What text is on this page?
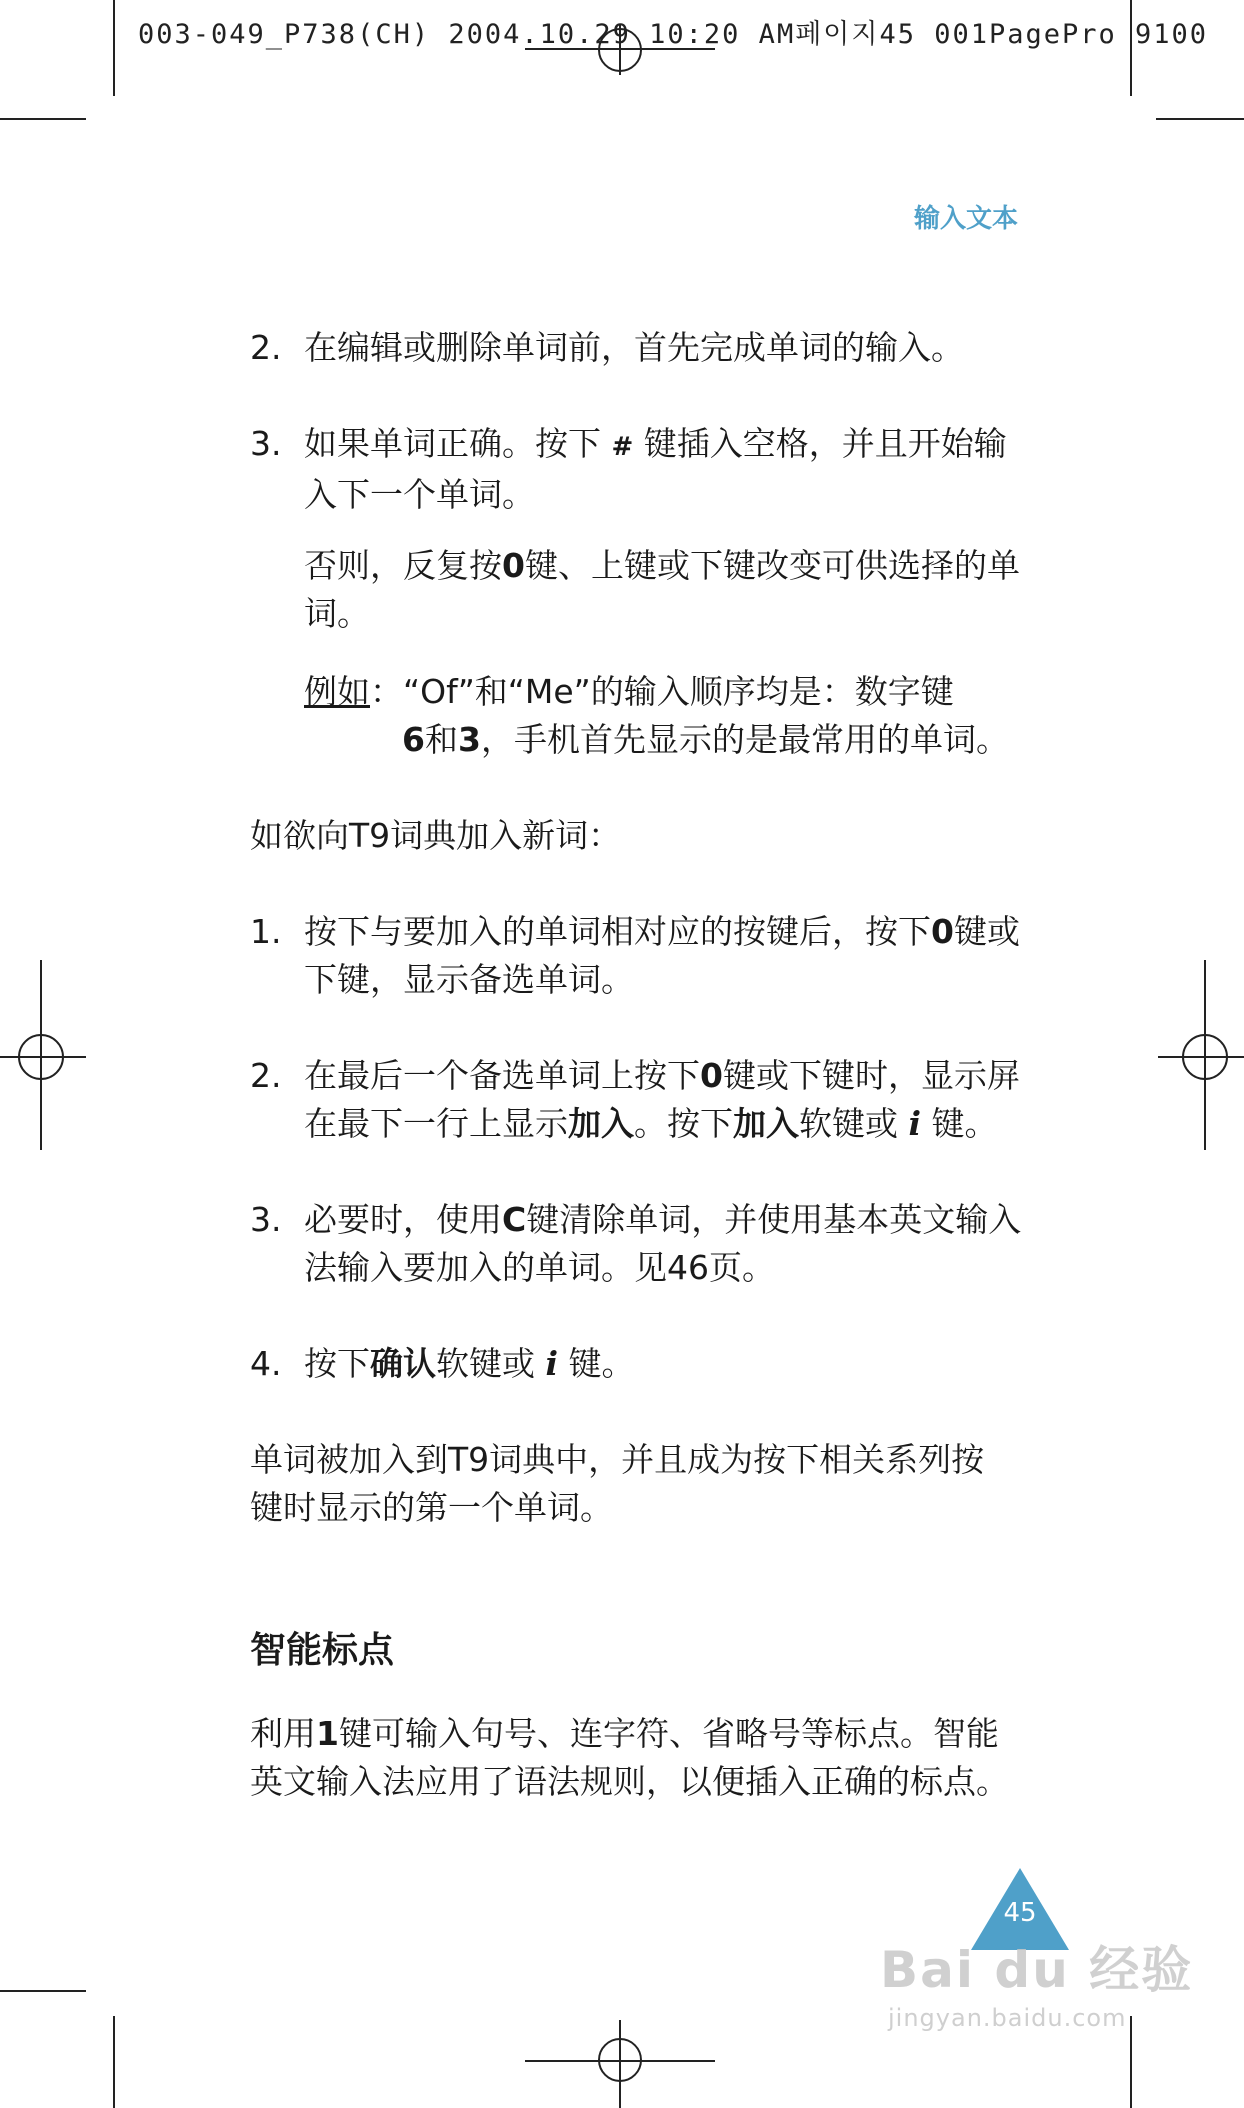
003-049_P738(CH) 2004.10.29 10:20 AM페이지45 001PagePro 9100
输入文本
2. 在编辑或删除单词前，首先完成单词的输入。
3. 如果单词正确。按下 # 键插入空格，并且开始输入下一个单词。
否则，反复按0键、上键或下键改变可供选择的单词。
例如：“Of”和“Me”的输入顺序均是：数字键
6和3，手机首先显示的是最常用的单词。
如欲向T9词典加入新词：
1. 按下与要加入的单词相对应的按键后，按下0键或下键，显示备选单词。
2. 在最后一个备选单词上按下0键或下键时，显示屏在最下一行上显示加入。按下加入软键或 i 键。
3. 必要时，使用C键清除单词，并使用基本英文输入法输入要加入的单词。见46页。
4. 按下确认软键或 i 键。
单词被加入到T9词典中，并且成为按下相关系列按键时显示的第一个单词。
智能标点
利用1键可输入句号、连字符、省略号等标点。智能英文输入法应用了语法规则，以便插入正确的标点。
45
Bai du 经验
jingyan.baidu.com
